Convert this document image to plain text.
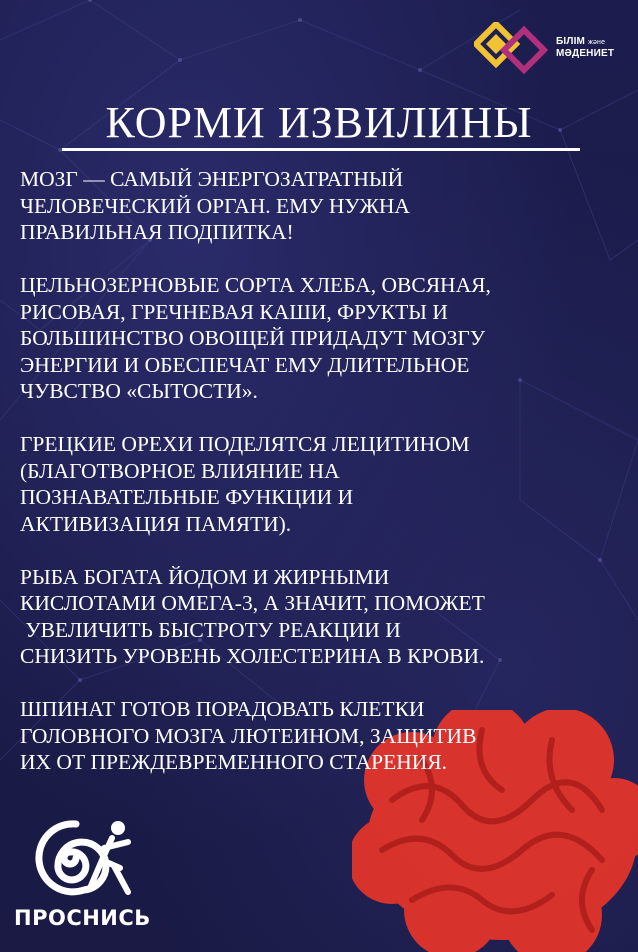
БІЛІМ және
МӘДЕНИЕТ
КОРМИ ИЗВИЛИНЫ

МОЗГ — САМЫЙ ЭНЕРГОЗАТРАТНЫЙ
ЧЕЛОВЕЧЕСКИЙ ОРГАН. ЕМУ НУЖНА
ПРАВИЛЬНАЯ ПОДПИТКА!

ЦЕЛЬНОЗЕРНОВЫЕ СОРТА ХЛЕБА, ОВСЯНАЯ,
РИСОВАЯ, ГРЕЧНЕВАЯ КАШИ, ФРУКТЫ И
БОЛЬШИНСТВО ОВОЩЕЙ ПРИДАДУТ МОЗГУ
ЭНЕРГИИ И ОБЕСПЕЧАТ ЕМУ ДЛИТЕЛЬНОЕ
ЧУВСТВО «СЫТОСТИ».

ГРЕЦКИЕ ОРЕХИ ПОДЕЛЯТСЯ ЛЕЦИТИНОМ
(БЛАГОТВОРНОЕ ВЛИЯНИЕ НА
ПОЗНАВАТЕЛЬНЫЕ ФУНКЦИИ И
АКТИВИЗАЦИЯ ПАМЯТИ).

РЫБА БОГАТА ЙОДОМ И ЖИРНЫМИ
КИСЛОТАМИ ОМЕГА-3, А ЗНАЧИТ, ПОМОЖЕТ
УВЕЛИЧИТЬ БЫСТРОТУ РЕАКЦИИ И
СНИЗИТЬ УРОВЕНЬ ХОЛЕСТЕРИНА В КРОВИ.

ШПИНАТ ГОТОВ ПОРАДОВАТЬ КЛЕТКИ
ГОЛОВНОГО МОЗГА ЛЮТЕИНОМ, ЗАЩИТИВ
ИХ ОТ ПРЕЖДЕВРЕМЕННОГО СТАРЕНИЯ.

ПРОСНИСЬ
